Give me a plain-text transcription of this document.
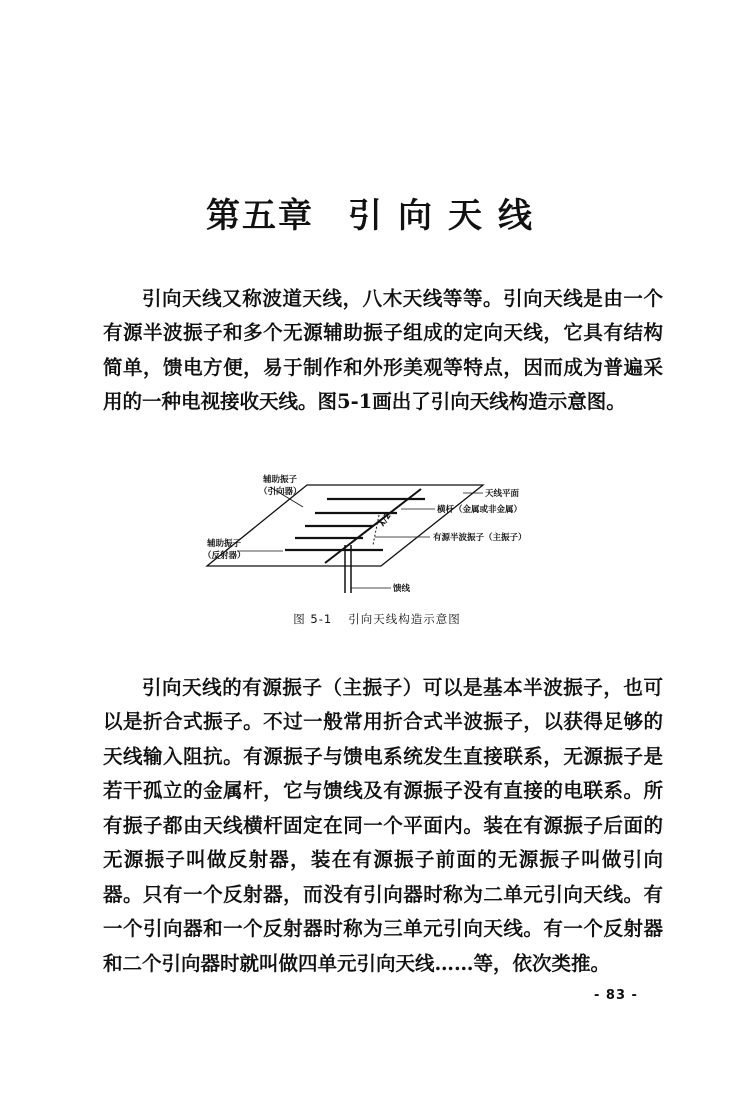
第五章 引向天线

引向天线又称波道天线，八木天线等等。引向天线是由一个有源半波振子和多个无源辅助振子组成的定向天线，它具有结构简单，馈电方便，易于制作和外形美观等特点，因而成为普遍采用的一种电视接收天线。图5-1画出了引向天线构造示意图。

λ/2
辅助振子
（引向器）
辅助振子
（反射器）
天线平面
横杆（金属或非金属）
有源半波振子（主振子）
馈线
图 5-1 引向天线构造示意图

引向天线的有源振子（主振子）可以是基本半波振子，也可以是折合式振子。不过一般常用折合式半波振子，以获得足够的天线输入阻抗。有源振子与馈电系统发生直接联系，无源振子是若干孤立的金属杆，它与馈线及有源振子没有直接的电联系。所有振子都由天线横杆固定在同一个平面内。装在有源振子后面的无源振子叫做反射器，装在有源振子前面的无源振子叫做引向器。只有一个反射器，而没有引向器时称为二单元引向天线。有一个引向器和一个反射器时称为三单元引向天线。有一个反射器和二个引向器时就叫做四单元引向天线……等，依次类推。

- 83 -
